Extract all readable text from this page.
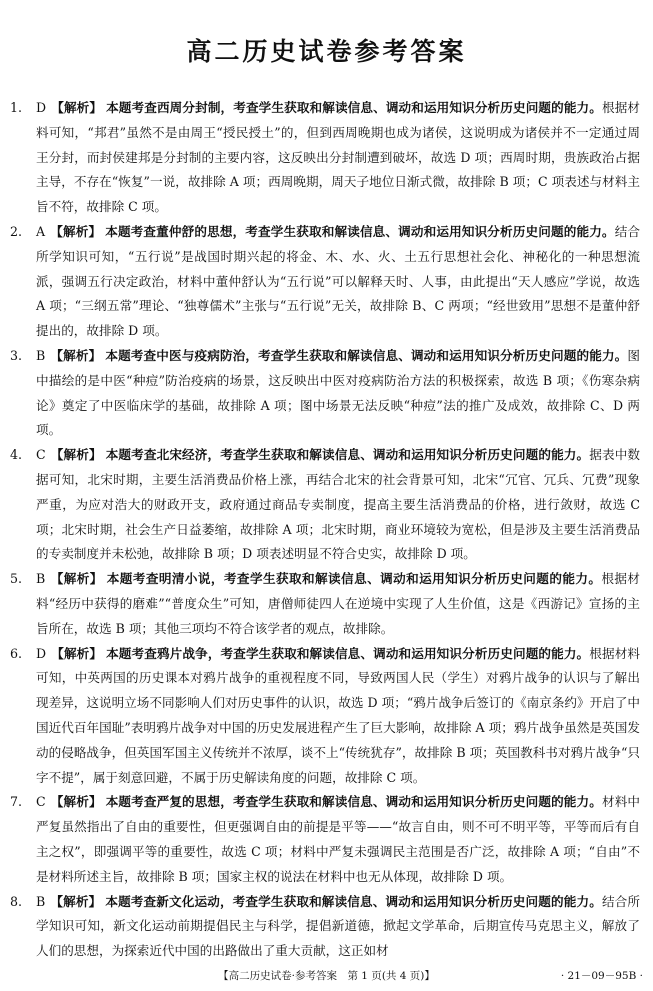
高二历史试卷参考答案
1. D 【解析】 本题考查西周分封制，考查学生获取和解读信息、调动和运用知识分析历史问题的能力。根据材料可知，“邦君”虽然不是由周王“授民授土”的，但到西周晚期也成为诸侯，这说明成为诸侯并不一定通过周王分封，而封侯建邦是分封制的主要内容，这反映出分封制遭到破坏，故选 D 项；西周时期，贵族政治占据主导，不存在“恢复”一说，故排除 A 项；西周晚期，周天子地位日渐式微，故排除 B 项；C 项表述与材料主旨不符，故排除 C 项。
2. A 【解析】 本题考查董仲舒的思想，考查学生获取和解读信息、调动和运用知识分析历史问题的能力。结合所学知识可知，“五行说”是战国时期兴起的将金、木、水、火、土五行思想社会化、神秘化的一种思想流派，强调五行决定政治，材料中董仲舒认为“五行说”可以解释天时、人事，由此提出“天人感应”学说，故选 A 项；“三纲五常”理论、“独尊儒术”主张与“五行说”无关，故排除 B、C 两项；“经世致用”思想不是董仲舒提出的，故排除 D 项。
3. B 【解析】 本题考查中医与疫病防治，考查学生获取和解读信息、调动和运用知识分析历史问题的能力。图中描绘的是中医“种痘”防治疫病的场景，这反映出中医对疫病防治方法的积极探索，故选 B 项；《伤寒杂病论》奠定了中医临床学的基础，故排除 A 项；图中场景无法反映“种痘”法的推广及成效，故排除 C、D 两项。
4. C 【解析】 本题考查北宋经济，考查学生获取和解读信息、调动和运用知识分析历史问题的能力。据表中数据可知，北宋时期，主要生活消费品价格上涨，再结合北宋的社会背景可知，北宋“冗官、冗兵、冗费”现象严重，为应对浩大的财政开支，政府通过商品专卖制度，提高主要生活消费品的价格，进行敛财，故选 C 项；北宋时期，社会生产日益萎缩，故排除 A 项；北宋时期，商业环境较为宽松，但是涉及主要生活消费品的专卖制度并未松弛，故排除 B 项；D 项表述明显不符合史实，故排除 D 项。
5. B 【解析】 本题考查明清小说，考查学生获取和解读信息、调动和运用知识分析历史问题的能力。根据材料“经历中获得的磨难”“普度众生”可知，唐僧师徒四人在逆境中实现了人生价值，这是《西游记》宣扬的主旨所在，故选 B 项；其他三项均不符合该学者的观点，故排除。
6. D 【解析】 本题考查鸦片战争，考查学生获取和解读信息、调动和运用知识分析历史问题的能力。根据材料可知，中英两国的历史课本对鸦片战争的重视程度不同，导致两国人民（学生）对鸦片战争的认识与了解出现差异，这说明立场不同影响人们对历史事件的认识，故选 D 项；“鸦片战争后签订的《南京条约》开启了中国近代百年国耻”表明鸦片战争对中国的历史发展进程产生了巨大影响，故排除 A 项；鸦片战争虽然是英国发动的侵略战争，但英国军国主义传统并不浓厚，谈不上“传统犹存”，故排除 B 项；英国教科书对鸦片战争“只字不提”，属于刻意回避，不属于历史解读角度的问题，故排除 C 项。
7. C 【解析】 本题考查严复的思想，考查学生获取和解读信息、调动和运用知识分析历史问题的能力。材料中严复虽然指出了自由的重要性，但更强调自由的前提是平等——“故言自由，则不可不明平等，平等而后有自主之权”，即强调平等的重要性，故选 C 项；材料中严复未强调民主范围是否广泛，故排除 A 项；“自由”不是材料所述主旨，故排除 B 项；国家主权的说法在材料中也无从体现，故排除 D 项。
8. B 【解析】 本题考查新文化运动，考查学生获取和解读信息、调动和运用知识分析历史问题的能力。结合所学知识可知，新文化运动前期提倡民主与科学，提倡新道德，掀起文学革命，后期宣传马克思主义，解放了人们的思想，为探索近代中国的出路做出了重大贡献，这正如材
【高二历史试卷·参考答案　第 1 页(共 4 页)】	· 21－09－95B ·
